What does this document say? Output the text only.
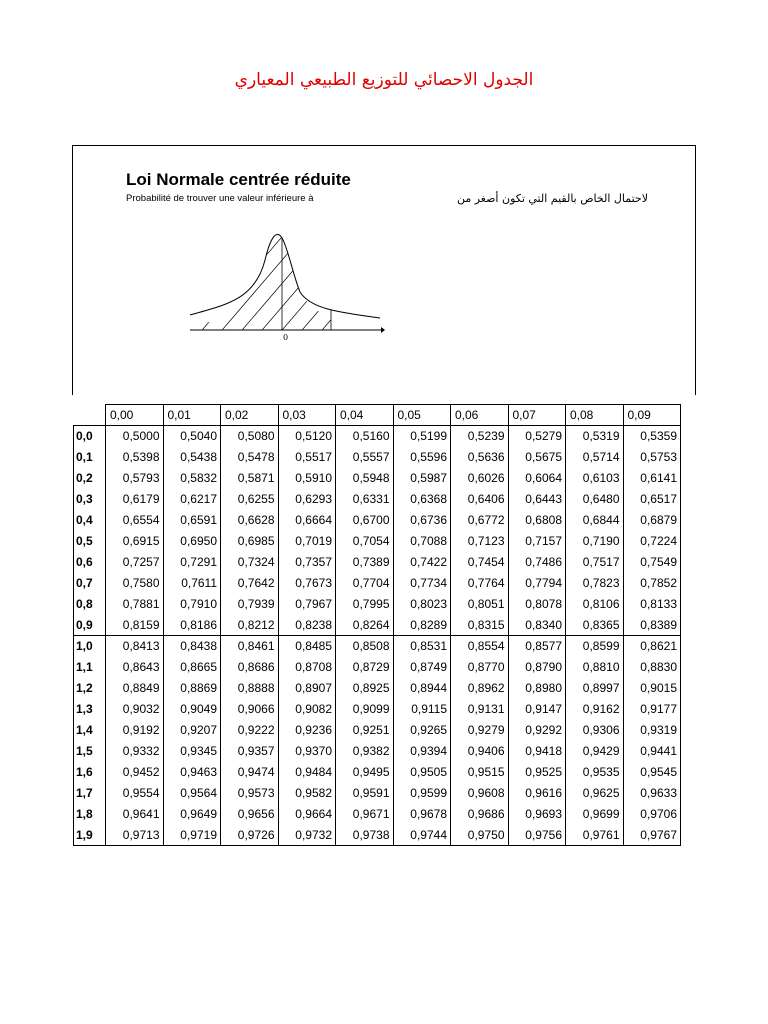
الجدول الاحصائي للتوزيع الطبيعي المعياري
Loi Normale centrée réduite
Probabilité de trouver une valeur inférieure à	لاحتمال الخاص بالقيم التي تكون أصغر من
0
	0,00	0,01	0,02	0,03	0,04	0,05	0,06	0,07	0,08	0,09
0,0	0,5000	0,5040	0,5080	0,5120	0,5160	0,5199	0,5239	0,5279	0,5319	0,5359
0,1	0,5398	0,5438	0,5478	0,5517	0,5557	0,5596	0,5636	0,5675	0,5714	0,5753
0,2	0,5793	0,5832	0,5871	0,5910	0,5948	0,5987	0,6026	0,6064	0,6103	0,6141
0,3	0,6179	0,6217	0,6255	0,6293	0,6331	0,6368	0,6406	0,6443	0,6480	0,6517
0,4	0,6554	0,6591	0,6628	0,6664	0,6700	0,6736	0,6772	0,6808	0,6844	0,6879
0,5	0,6915	0,6950	0,6985	0,7019	0,7054	0,7088	0,7123	0,7157	0,7190	0,7224
0,6	0,7257	0,7291	0,7324	0,7357	0,7389	0,7422	0,7454	0,7486	0,7517	0,7549
0,7	0,7580	0,7611	0,7642	0,7673	0,7704	0,7734	0,7764	0,7794	0,7823	0,7852
0,8	0,7881	0,7910	0,7939	0,7967	0,7995	0,8023	0,8051	0,8078	0,8106	0,8133
0,9	0,8159	0,8186	0,8212	0,8238	0,8264	0,8289	0,8315	0,8340	0,8365	0,8389
1,0	0,8413	0,8438	0,8461	0,8485	0,8508	0,8531	0,8554	0,8577	0,8599	0,8621
1,1	0,8643	0,8665	0,8686	0,8708	0,8729	0,8749	0,8770	0,8790	0,8810	0,8830
1,2	0,8849	0,8869	0,8888	0,8907	0,8925	0,8944	0,8962	0,8980	0,8997	0,9015
1,3	0,9032	0,9049	0,9066	0,9082	0,9099	0,9115	0,9131	0,9147	0,9162	0,9177
1,4	0,9192	0,9207	0,9222	0,9236	0,9251	0,9265	0,9279	0,9292	0,9306	0,9319
1,5	0,9332	0,9345	0,9357	0,9370	0,9382	0,9394	0,9406	0,9418	0,9429	0,9441
1,6	0,9452	0,9463	0,9474	0,9484	0,9495	0,9505	0,9515	0,9525	0,9535	0,9545
1,7	0,9554	0,9564	0,9573	0,9582	0,9591	0,9599	0,9608	0,9616	0,9625	0,9633
1,8	0,9641	0,9649	0,9656	0,9664	0,9671	0,9678	0,9686	0,9693	0,9699	0,9706
1,9	0,9713	0,9719	0,9726	0,9732	0,9738	0,9744	0,9750	0,9756	0,9761	0,9767
